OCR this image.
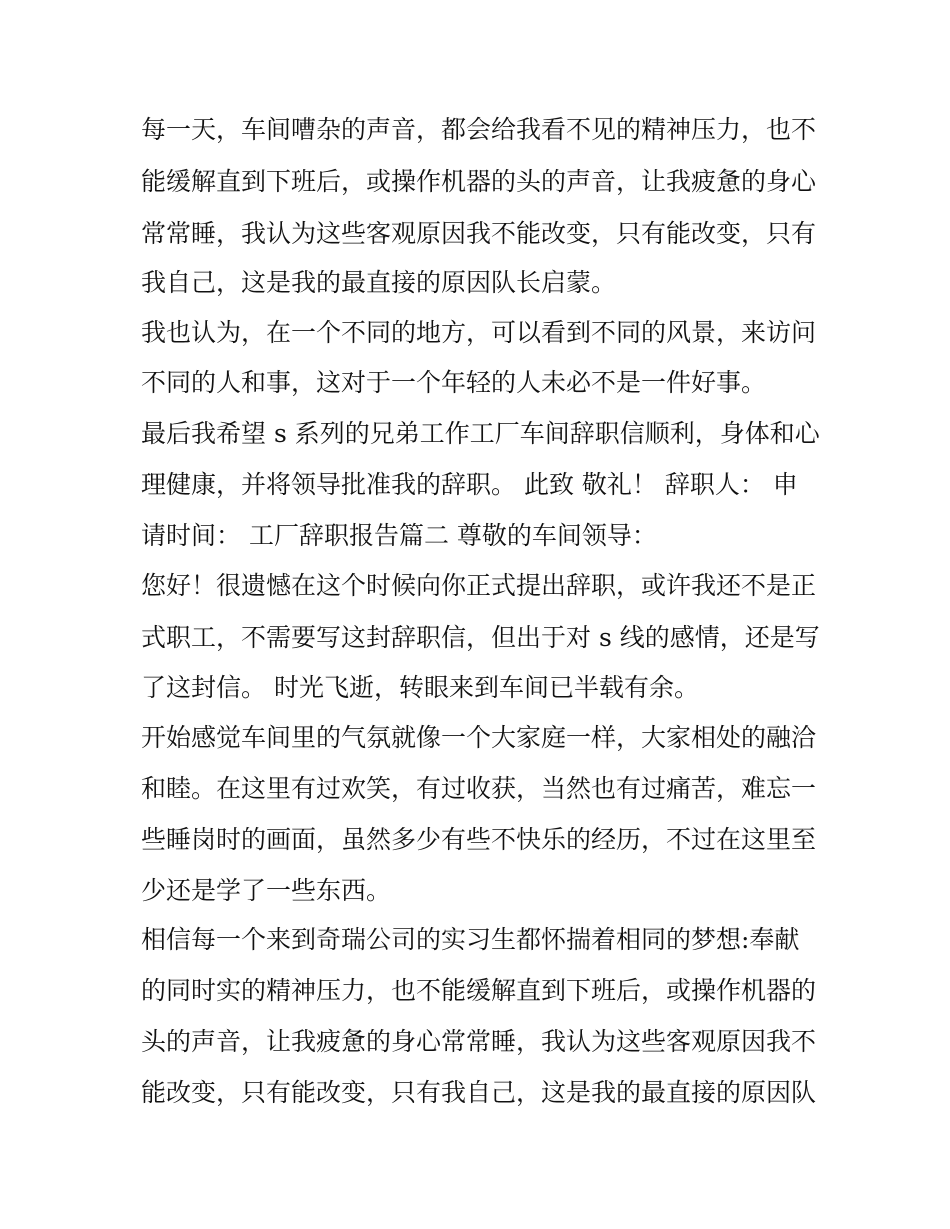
每一天，车间嘈杂的声音，都会给我看不见的精神压力，也不
能缓解直到下班后，或操作机器的头的声音，让我疲惫的身心
常常睡，我认为这些客观原因我不能改变，只有能改变，只有
我自己，这是我的最直接的原因队长启蒙。
我也认为，在一个不同的地方，可以看到不同的风景，来访问
不同的人和事，这对于一个年轻的人未必不是一件好事。
最后我希望 s 系列的兄弟工作工厂车间辞职信顺利，身体和心
理健康，并将领导批准我的辞职。 此致 敬礼！ 辞职人： 申
请时间： 工厂辞职报告篇二 尊敬的车间领导：
您好！很遗憾在这个时候向你正式提出辞职，或许我还不是正
式职工，不需要写这封辞职信，但出于对 s 线的感情，还是写
了这封信。 时光飞逝，转眼来到车间已半载有余。
开始感觉车间里的气氛就像一个大家庭一样，大家相处的融洽
和睦。在这里有过欢笑，有过收获，当然也有过痛苦，难忘一
些睡岗时的画面，虽然多少有些不快乐的经历，不过在这里至
少还是学了一些东西。
相信每一个来到奇瑞公司的实习生都怀揣着相同的梦想:奉献
的同时实的精神压力，也不能缓解直到下班后，或操作机器的
头的声音，让我疲惫的身心常常睡，我认为这些客观原因我不
能改变，只有能改变，只有我自己，这是我的最直接的原因队
